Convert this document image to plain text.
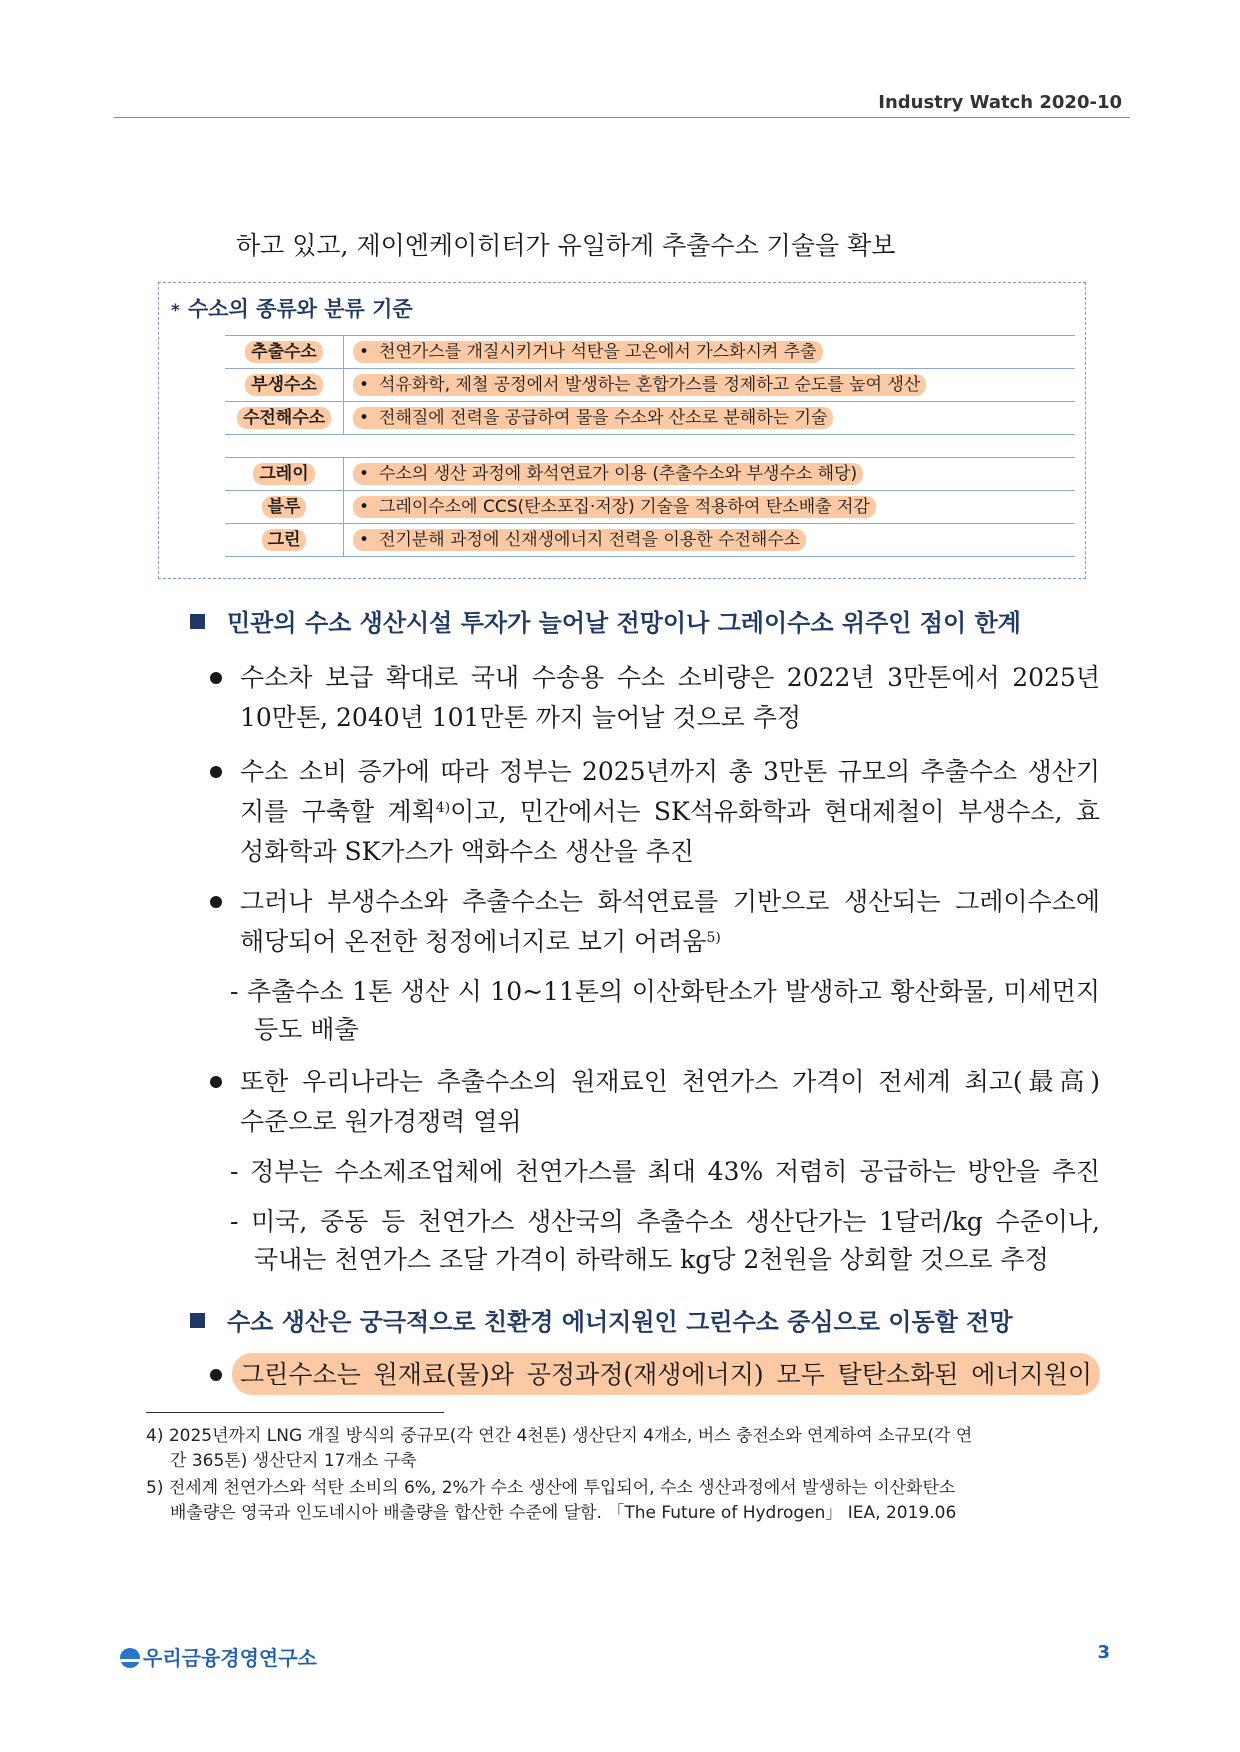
Industry Watch 2020-10
하고 있고, 제이엔케이히터가 유일하게 추출수소 기술을 확보
* 수소의 종류와 분류 기준
추출수소	• 천연가스를 개질시키거나 석탄을 고온에서 가스화시켜 추출
부생수소	• 석유화학, 제철 공정에서 발생하는 혼합가스를 정제하고 순도를 높여 생산
수전해수소	• 전해질에 전력을 공급하여 물을 수소와 산소로 분해하는 기술
그레이	• 수소의 생산 과정에 화석연료가 이용 (추출수소와 부생수소 해당)
블루	• 그레이수소에 CCS(탄소포집·저장) 기술을 적용하여 탄소배출 저감
그린	• 전기분해 과정에 신재생에너지 전력을 이용한 수전해수소
민관의 수소 생산시설 투자가 늘어날 전망이나 그레이수소 위주인 점이 한계
수소차 보급 확대로 국내 수송용 수소 소비량은 2022년 3만톤에서 2025년
10만톤, 2040년 101만톤 까지 늘어날 것으로 추정
수소 소비 증가에 따라 정부는 2025년까지 총 3만톤 규모의 추출수소 생산기
지를 구축할 계획$^{4)}$이고, 민간에서는 SK석유화학과 현대제철이 부생수소, 효
성화학과 SK가스가 액화수소 생산을 추진
그러나 부생수소와 추출수소는 화석연료를 기반으로 생산되는 그레이수소에
해당되어 온전한 청정에너지로 보기 어려움$^{5)}$
- 추출수소 1톤 생산 시 10~11톤의 이산화탄소가 발생하고 황산화물, 미세먼지
등도 배출
또한 우리나라는 추출수소의 원재료인 천연가스 가격이 전세계 최고(最高)
수준으로 원가경쟁력 열위
- 정부는 수소제조업체에 천연가스를 최대 43% 저렴히 공급하는 방안을 추진
- 미국, 중동 등 천연가스 생산국의 추출수소 생산단가는 1달러/kg 수준이나,
국내는 천연가스 조달 가격이 하락해도 kg당 2천원을 상회할 것으로 추정
수소 생산은 궁극적으로 친환경 에너지원인 그린수소 중심으로 이동할 전망
그린수소는 원재료(물)와 공정과정(재생에너지) 모두 탈탄소화된 에너지원이
4) 2025년까지 LNG 개질 방식의 중규모(각 연간 4천톤) 생산단지 4개소, 버스 충전소와 연계하여 소규모(각 연
간 365톤) 생산단지 17개소 구축
5) 전세계 천연가스와 석탄 소비의 6%, 2%가 수소 생산에 투입되어, 수소 생산과정에서 발생하는 이산화탄소
배출량은 영국과 인도네시아 배출량을 합산한 수준에 달함. 「The Future of Hydrogen」 IEA, 2019.06
우리금융경영연구소	3
